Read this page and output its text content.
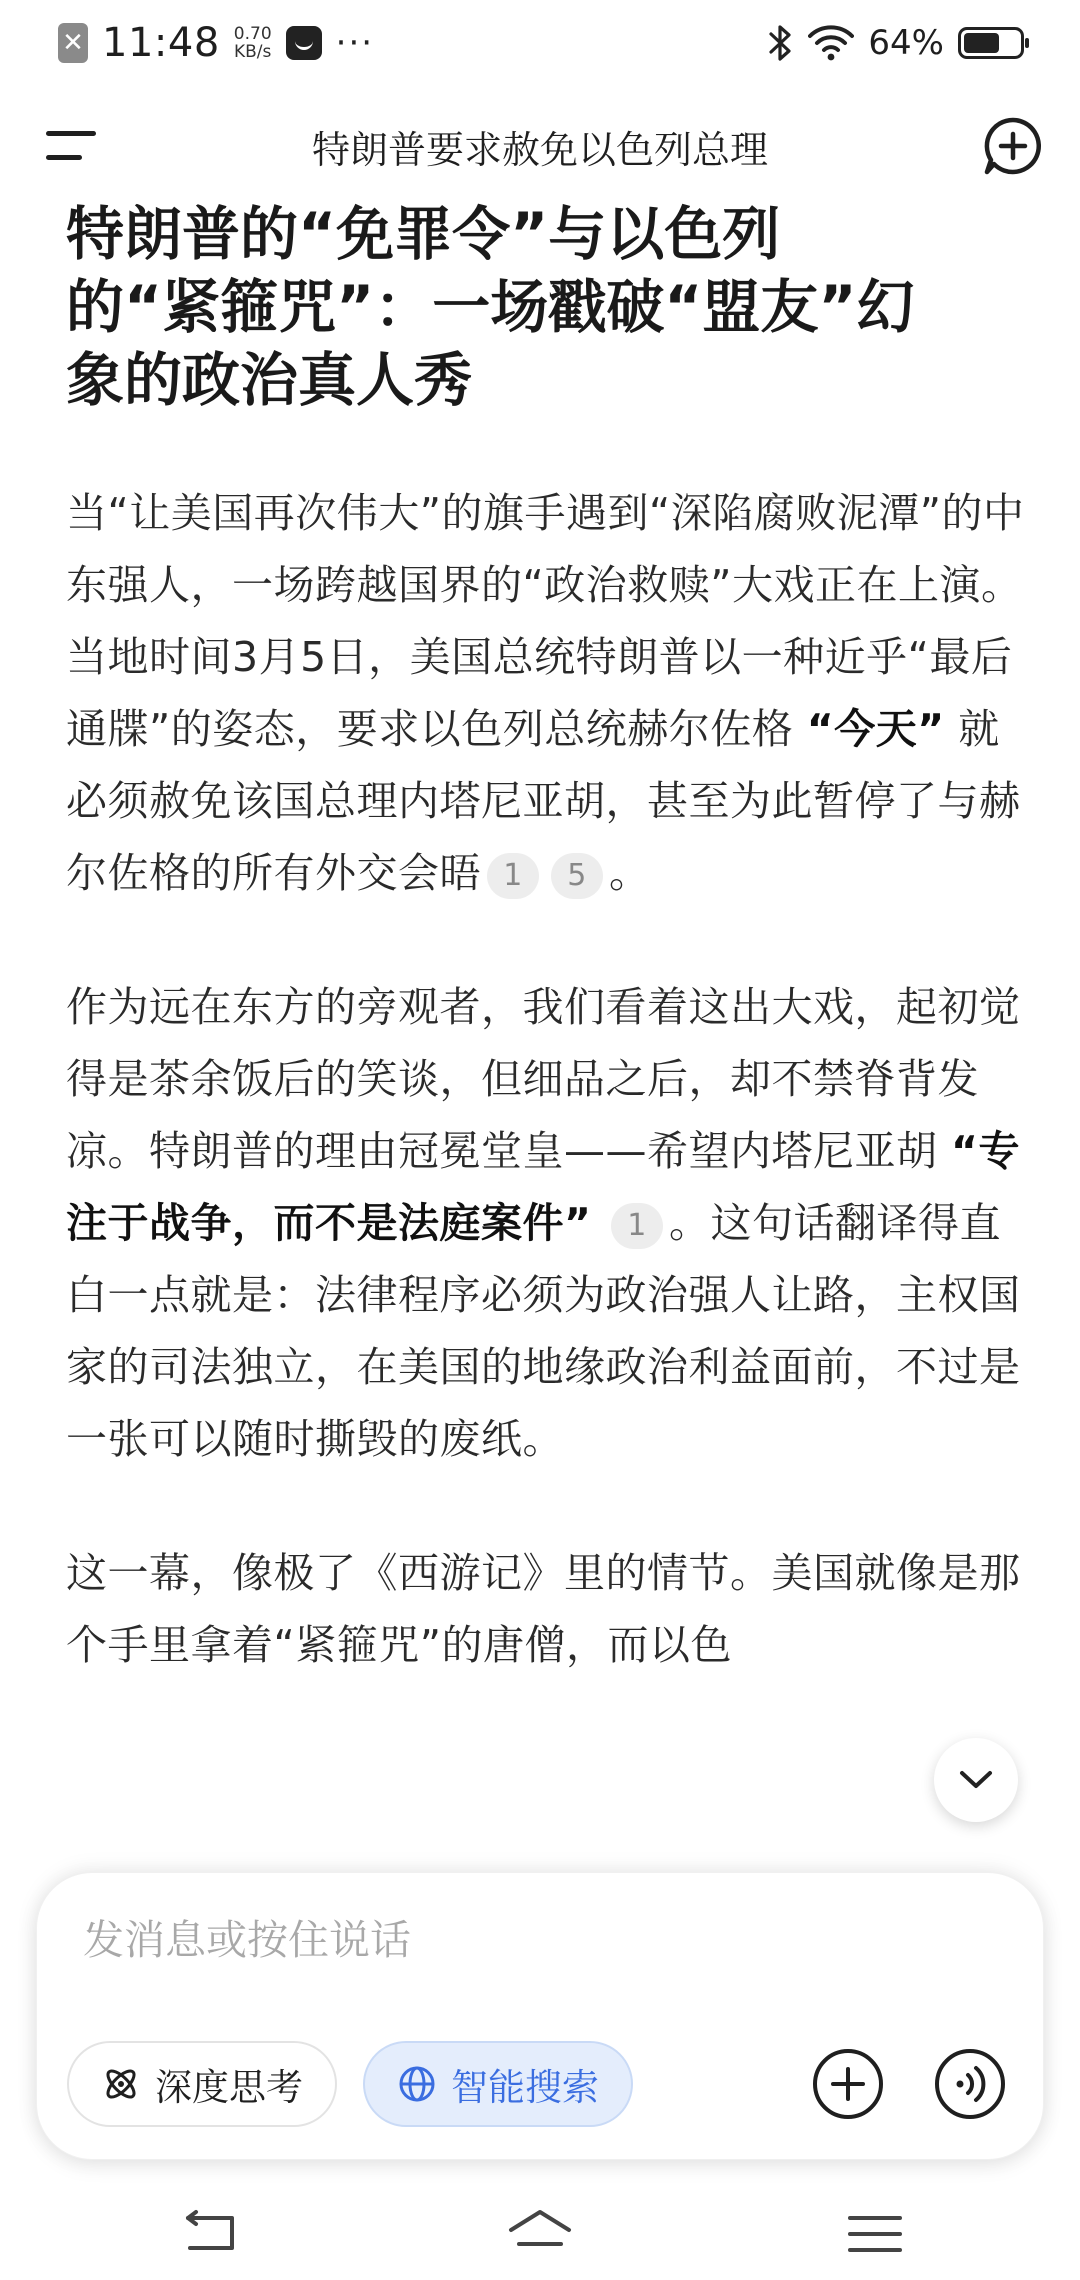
✕ 11:48 0.70
KB/s ···	64%
特朗普要求赦免以色列总理
特朗普的“免罪令”与以色列的“紧箍咒”：一场戳破“盟友”幻象的政治真人秀

当“让美国再次伟大”的旗手遇到“深陷腐败泥潭”的中东强人，一场跨越国界的“政治救赎”大戏正在上演。当地时间3月5日，美国总统特朗普以一种近乎“最后通牒”的姿态，要求以色列总统赫尔佐格 “今天” 就必须赦免该国总理内塔尼亚胡，甚至为此暂停了与赫尔佐格的所有外交会晤 1 5 。

作为远在东方的旁观者，我们看着这出大戏，起初觉得是茶余饭后的笑谈，但细品之后，却不禁脊背发凉。特朗普的理由冠冕堂皇——希望内塔尼亚胡 “专注于战争，而不是法庭案件” 1 。这句话翻译得直白一点就是：法律程序必须为政治强人让路，主权国家的司法独立，在美国的地缘政治利益面前，不过是一张可以随时撕毁的废纸。

这一幕，像极了《西游记》里的情节。美国就像是那个手里拿着“紧箍咒”的唐僧，而以色

发消息或按住说话
深度思考	智能搜索
